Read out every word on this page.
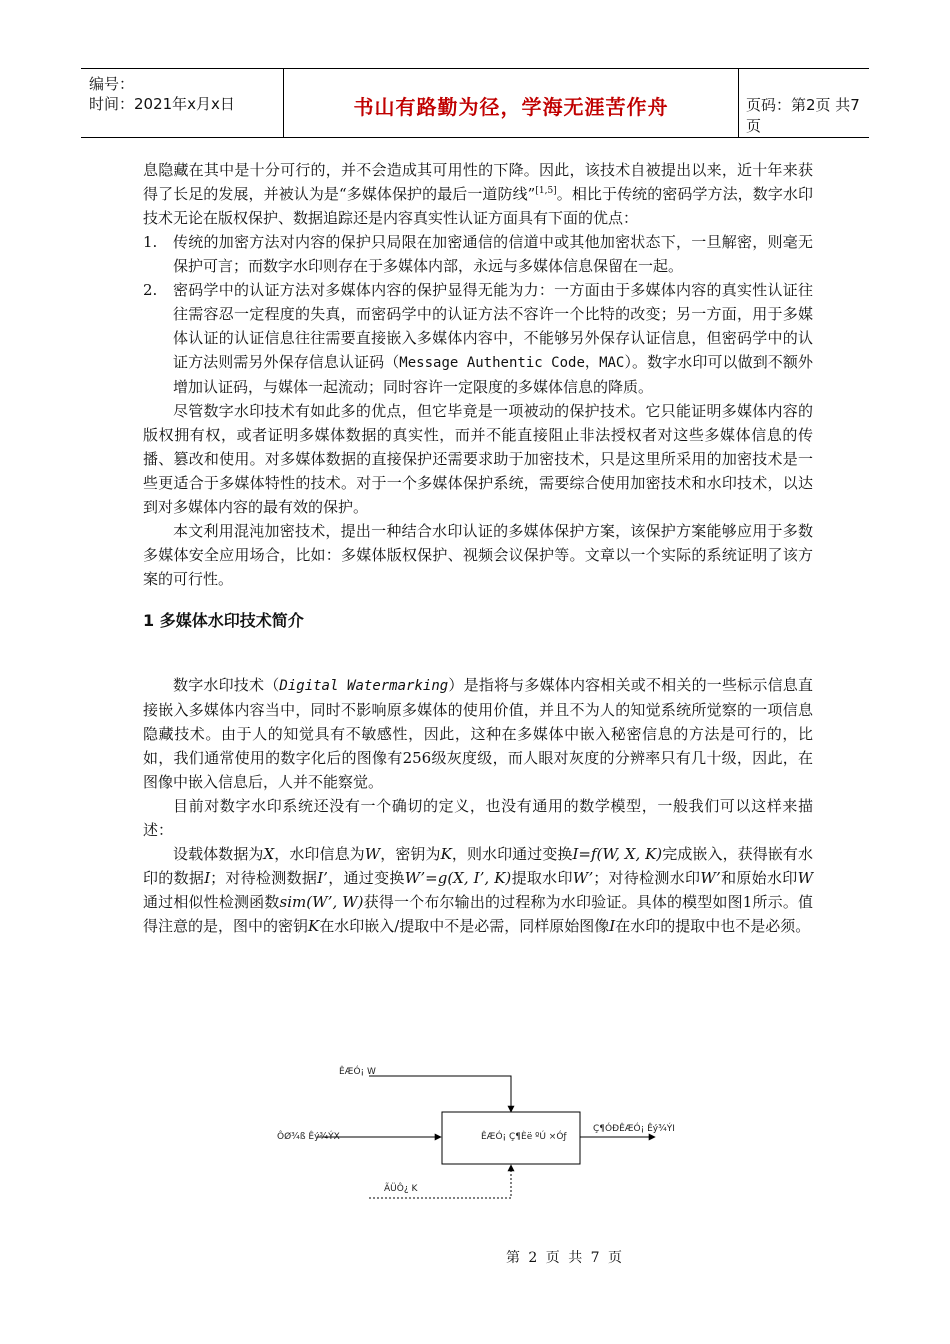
编号：
时间：2021年x月x日	书山有路勤为径，学海无涯苦作舟	页码：第2页 共7页

息隐藏在其中是十分可行的，并不会造成其可用性的下降。因此，该技术自被提出以来，近十年来获得了长足的发展，并被认为是“多媒体保护的最后一道防线”[1,5]。相比于传统的密码学方法，数字水印技术无论在版权保护、数据追踪还是内容真实性认证方面具有下面的优点：

1. 传统的加密方法对内容的保护只局限在加密通信的信道中或其他加密状态下，一旦解密，则毫无保护可言；而数字水印则存在于多媒体内部，永远与多媒体信息保留在一起。
2. 密码学中的认证方法对多媒体内容的保护显得无能为力：一方面由于多媒体内容的真实性认证往往需容忍一定程度的失真，而密码学中的认证方法不容许一个比特的改变；另一方面，用于多媒体认证的认证信息往往需要直接嵌入多媒体内容中，不能够另外保存认证信息，但密码学中的认证方法则需另外保存信息认证码（Message Authentic Code，MAC）。数字水印可以做到不额外增加认证码，与媒体一起流动；同时容许一定限度的多媒体信息的降质。

尽管数字水印技术有如此多的优点，但它毕竟是一项被动的保护技术。它只能证明多媒体内容的版权拥有权，或者证明多媒体数据的真实性，而并不能直接阻止非法授权者对这些多媒体信息的传播、篡改和使用。对多媒体数据的直接保护还需要求助于加密技术，只是这里所采用的加密技术是一些更适合于多媒体特性的技术。对于一个多媒体保护系统，需要综合使用加密技术和水印技术，以达到对多媒体内容的最有效的保护。

本文利用混沌加密技术，提出一种结合水印认证的多媒体保护方案，该保护方案能够应用于多数多媒体安全应用场合，比如：多媒体版权保护、视频会议保护等。文章以一个实际的系统证明了该方案的可行性。

1 多媒体水印技术简介

数字水印技术（Digital Watermarking）是指将与多媒体内容相关或不相关的一些标示信息直接嵌入多媒体内容当中，同时不影响原多媒体的使用价值，并且不为人的知觉系统所觉察的一项信息隐藏技术。由于人的知觉具有不敏感性，因此，这种在多媒体中嵌入秘密信息的方法是可行的，比如，我们通常使用的数字化后的图像有256级灰度级，而人眼对灰度的分辨率只有几十级，因此，在图像中嵌入信息后，人并不能察觉。

目前对数字水印系统还没有一个确切的定义，也没有通用的数学模型，一般我们可以这样来描述：

设载体数据为X，水印信息为W，密钥为K，则水印通过变换I=f(W, X, K)完成嵌入，获得嵌有水印的数据I；对待检测数据I’，通过变换W’=g(X, I’, K)提取水印W’；对待检测水印W’和原始水印W通过相似性检测函数sim(W’, W)获得一个布尔输出的过程称为水印验证。具体的模型如图1所示。值得注意的是，图中的密钥K在水印嵌入/提取中不是必需，同样原始图像I在水印的提取中也不是必须。

ÊÆÓ¡ W
ÔØ¾ß Êý¾ÝX	ÊÆÓ¡ Ç¶Èë ºÚ ×Óƒ
Ç¶ÓÐÊÆÓ¡ Êý¾ÝI
ÃÜÔ¿ K
第 2 页 共 7 页
